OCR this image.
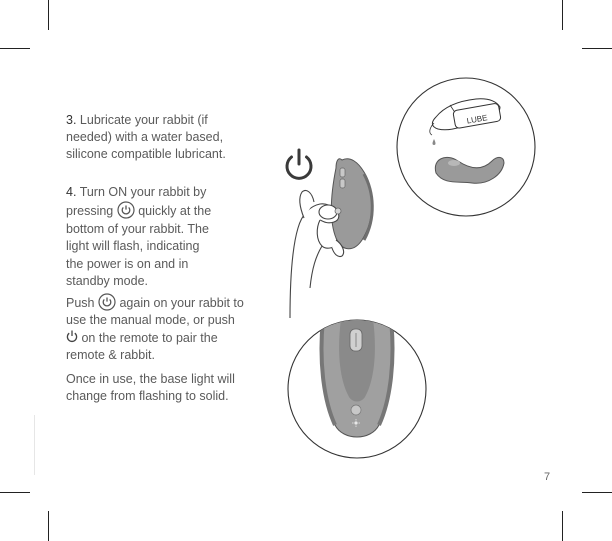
3. Lubricate your rabbit (if needed) with a water based, silicone compatible lubricant.
4. Turn ON your rabbit by
pressing quickly at the
bottom of your rabbit. The
light will flash, indicating
the power is on and in
standby mode.
Push again on your rabbit to
use the manual mode, or push
on the remote to pair the
remote & rabbit.
Once in use, the base light will change from flashing to solid.
LUBE
7
